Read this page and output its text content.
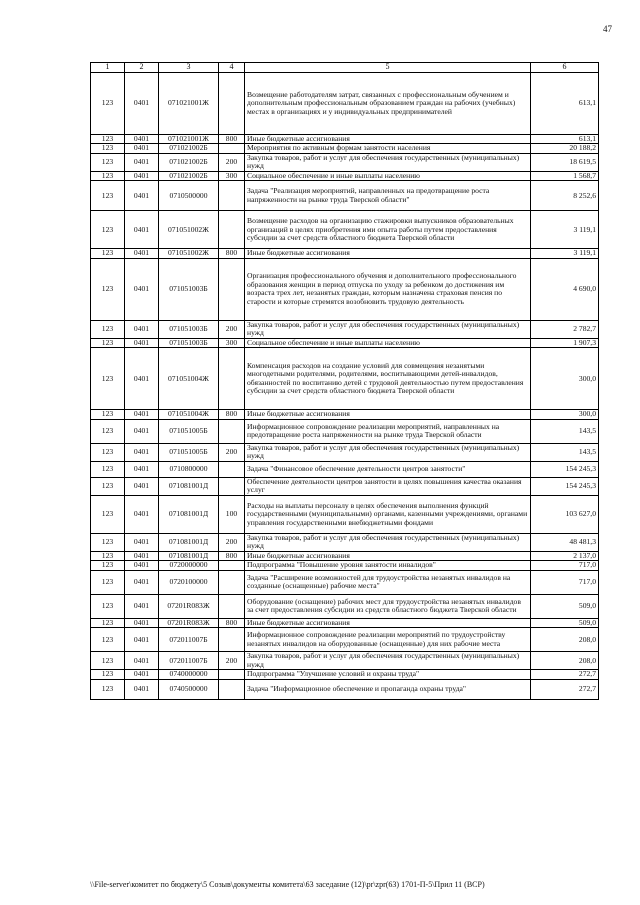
47
1	2	3	4	5	6
123	0401	071021001Ж		Возмещение работодателям затрат, связанных с профессиональным обучением и дополнительным профессиональным образованием граждан на рабочих (учебных) местах в организациях и у индивидуальных предпринимателей	613,1
123	0401	071021001Ж	800	Иные бюджетные ассигнования	613,1
123	0401	071021002Б		Мероприятия по активным формам занятости населения	20 188,2
123	0401	071021002Б	200	Закупка товаров, работ и услуг для обеспечения государственных (муниципальных) нужд	18 619,5
123	0401	071021002Б	300	Социальное обеспечение и иные выплаты населению	1 568,7
123	0401	0710500000		Задача "Реализация мероприятий, направленных на предотвращение роста напряженности на рынке труда Тверской области"	8 252,6
123	0401	071051002Ж		Возмещение расходов на организацию стажировки выпускников образовательных организаций в целях приобретения ими опыта работы путем предоставления субсидии за счет средств областного бюджета Тверской области	3 119,1
123	0401	071051002Ж	800	Иные бюджетные ассигнования	3 119,1
123	0401	071051003Б		Организация профессионального обучения и дополнительного профессионального образования женщин в период отпуска по уходу за ребенком до достижения им возраста трех лет, незанятых граждан, которым назначена страховая пенсия по старости и которые стремятся возобновить трудовую деятельность	4 690,0
123	0401	071051003Б	200	Закупка товаров, работ и услуг для обеспечения государственных (муниципальных) нужд	2 782,7
123	0401	071051003Б	300	Социальное обеспечение и иные выплаты населению	1 907,3
123	0401	071051004Ж		Компенсация расходов на создание условий для совмещения незанятыми многодетными родителями, родителями, воспитывающими детей-инвалидов, обязанностей по воспитанию детей с трудовой деятельностью путем предоставления субсидии за счет средств областного бюджета Тверской области	300,0
123	0401	071051004Ж	800	Иные бюджетные ассигнования	300,0
123	0401	071051005Б		Информационное сопровождение реализации мероприятий, направленных на предотвращение роста напряженности на рынке труда Тверской области	143,5
123	0401	071051005Б	200	Закупка товаров, работ и услуг для обеспечения государственных (муниципальных) нужд	143,5
123	0401	0710800000		Задача "Финансовое обеспечение деятельности центров занятости"	154 245,3
123	0401	071081001Д		Обеспечение деятельности центров занятости в целях повышения качества оказания услуг	154 245,3
123	0401	071081001Д	100	Расходы на выплаты персоналу в целях обеспечения выполнения функций государственными (муниципальными) органами, казенными учреждениями, органами управления государственными внебюджетными фондами	103 627,0
123	0401	071081001Д	200	Закупка товаров, работ и услуг для обеспечения государственных (муниципальных) нужд	48 481,3
123	0401	071081001Д	800	Иные бюджетные ассигнования	2 137,0
123	0401	0720000000		Подпрограмма "Повышение уровня занятости инвалидов"	717,0
123	0401	0720100000		Задача "Расширение возможностей для трудоустройства незанятых инвалидов на созданные (оснащенные) рабочие места"	717,0
123	0401	07201R083Ж		Оборудование (оснащение) рабочих мест для трудоустройства незанятых инвалидов за счет предоставления субсидии из средств областного бюджета Тверской области	509,0
123	0401	07201R083Ж	800	Иные бюджетные ассигнования	509,0
123	0401	072011007Б		Информационное сопровождение реализации мероприятий по трудоустройству незанятых инвалидов на оборудованные (оснащенные) для них рабочие места	208,0
123	0401	072011007Б	200	Закупка товаров, работ и услуг для обеспечения государственных (муниципальных) нужд	208,0
123	0401	0740000000		Подпрограмма "Улучшение условий и охраны труда"	272,7
123	0401	0740500000		Задача "Информационное обеспечение и пропаганда охраны труда"	272,7
\\File-server\комитет по бюджету\5 Созыв\документы комитета\63 заседание (12)\pr\zpr(63) 1701-П-5\Прил 11 (ВСР)
